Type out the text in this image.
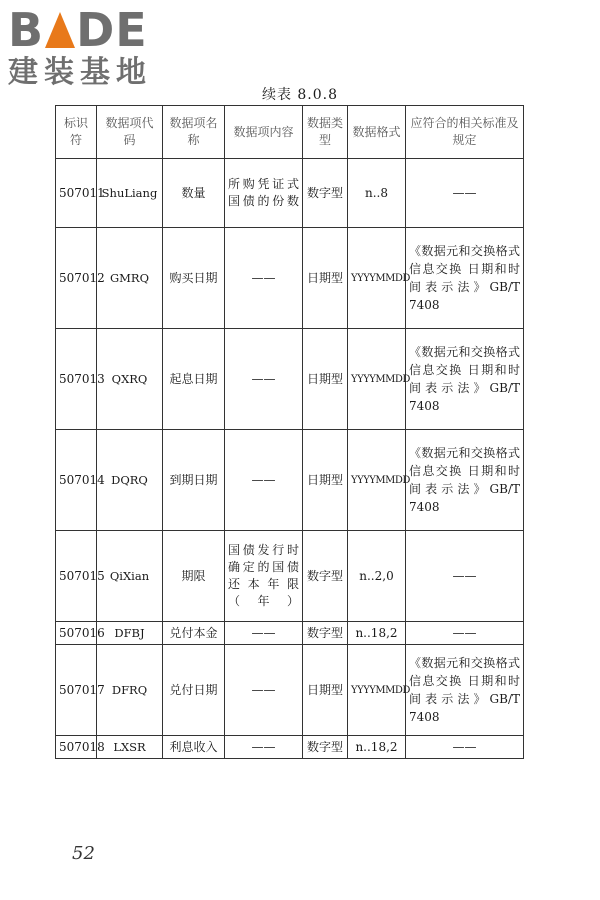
B DE
建装基地
续表 8.0.8
标识符	数据项代码	数据项名称	数据项内容	数据类型	数据格式	应符合的相关标准及规定
507011	ShuLiang	数量	所购凭证式国债的份数	数字型	n..8	——
507012	GMRQ	购买日期	——	日期型	YYYYMMDD	《数据元和交换格式 信息交换 日期和时间表示法》GB/T 7408
507013	QXRQ	起息日期	——	日期型	YYYYMMDD	《数据元和交换格式 信息交换 日期和时间表示法》GB/T 7408
507014	DQRQ	到期日期	——	日期型	YYYYMMDD	《数据元和交换格式 信息交换 日期和时间表示法》GB/T 7408
507015	QiXian	期限	国债发行时确定的国债还本年限（年）	数字型	n..2,0	——
507016	DFBJ	兑付本金	——	数字型	n..18,2	——
507017	DFRQ	兑付日期	——	日期型	YYYYMMDD	《数据元和交换格式 信息交换 日期和时间表示法》GB/T 7408
507018	LXSR	利息收入	——	数字型	n..18,2	——
52
